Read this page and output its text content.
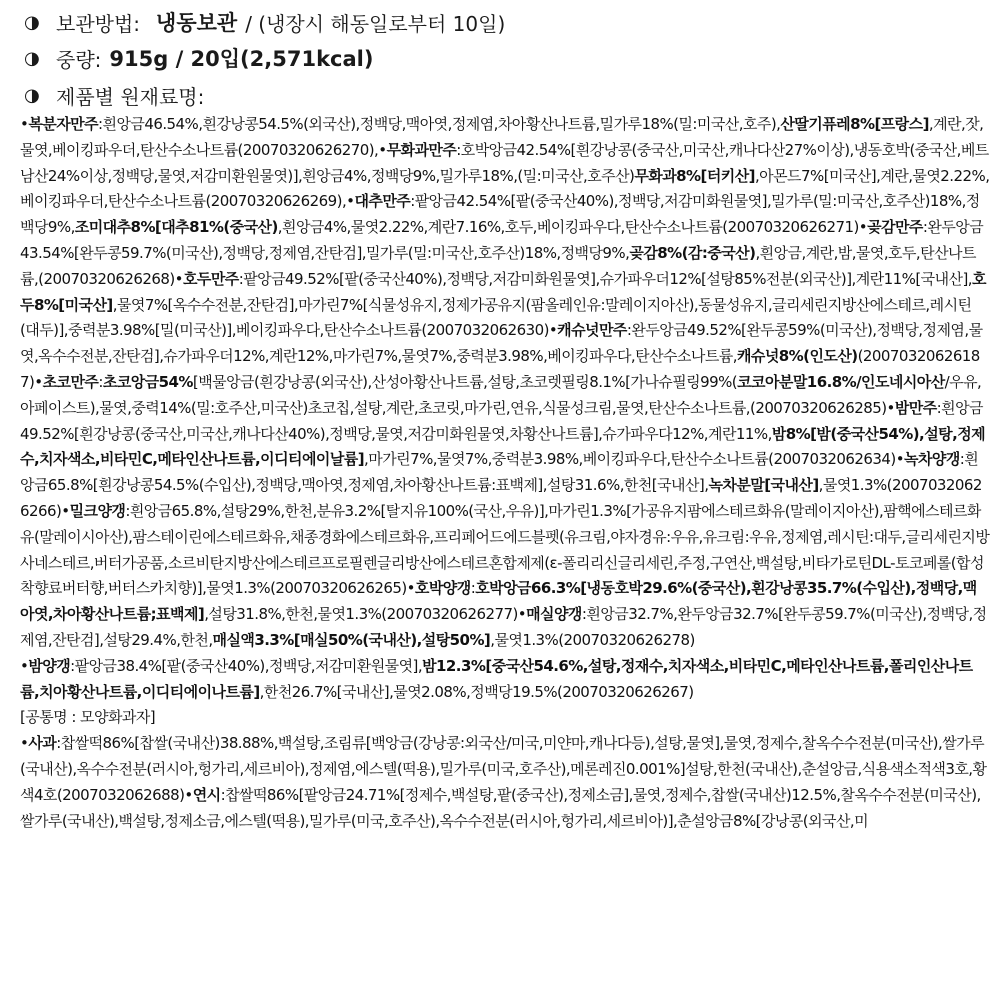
◑ 보관방법: 냉동보관 / (냉장시 해동일로부터 10일)
◑ 중량: 915g / 20입(2,571kcal)
◑ 제품별 원재료명:

•복분자만주:흰앙금46.54%,흰강낭콩54.5%(외국산),정백당,맥아엿,정제염,차아황산나트륨,밀가루18%(밀:미국산,호주),산딸기퓨레8%[프랑스],계란,잣,물엿,베이킹파우더,탄산수소나트륨(20070320626270),•무화과만주:호박앙금42.54%[흰강낭콩(중국산,미국산,캐나다산27%이상),냉동호박(중국산,베트남산24%이상,정백당,물엿,저감미환원물엿)],흰앙금4%,정백당9%,밀가루18%,(밀:미국산,호주산)무화과8%[터키산],아몬드7%[미국산],계란,물엿2.22%,베이킹파우더,탄산수소나트륨(20070320626269),•대추만주:팥앙금42.54%[팥(중국산40%),정백당,저감미화원물엿],밀가루(밀:미국산,호주산)18%,정백당9%,조미대추8%[대추81%(중국산),흰앙금4%,물엿2.22%,계란7.16%,호두,베이킹파우다,탄산수소나트륨(20070320626271)•곶감만주:완두앙금43.54%[완두콩59.7%(미국산),정백당,정제염,잔탄검],밀가루(밀:미국산,호주산)18%,정백당9%,곶감8%(감:중국산),흰앙금,계란,밤,물엿,호두,탄산나트륨,(20070320626268)•호두만주:팥앙금49.52%[팥(중국산40%),정백당,저감미화원물엿],슈가파우더12%[설탕85%전분(외국산)],계란11%[국내산],호두8%[미국산],물엿7%[옥수수전분,잔탄검],마가린7%[식물성유지,정제가공유지(팜올레인유:말레이지아산),동물성유지,글리세린지방산에스테르,레시틴(대두)],중력분3.98%[밀(미국산)],베이킹파우다,탄산수소나트륨(2007032062630)•캐슈넛만주:완두앙금49.52%[완두콩59%(미국산),정백당,정제염,물엿,옥수수전분,잔탄검],슈가파우더12%,계란12%,마가린7%,물엿7%,중력분3.98%,베이킹파우다,탄산수소나트륨,캐슈넛8%(인도산)(20070320626187)•초코만주:초코앙금54%[백물앙금(흰강낭콩(외국산),산성아황산나트륨,설탕,초코렛필링8.1%[가나슈필링99%(코코아분말16.8%/인도네시아산/우유,아페이스트),물엿,중력14%(밀:호주산,미국산)초코칩,설탕,계란,초코릿,마가린,연유,식물성크림,물엿,탄산수소나트륨,(20070320626285)•밤만주:흰앙금49.52%[흰강낭콩(중국산,미국산,캐나다산40%),정백당,물엿,저감미화원물엿,차황산나트륨],슈가파우다12%,계란11%,밤8%[밤(중국산54%),설탕,정제수,치자색소,비타민C,메타인산나트륨,이디티에이날륨],마가린7%,물엿7%,중력분3.98%,베이킹파우다,탄산수소나트륨(2007032062634)•녹차양갱:흰앙금65.8%[흰강낭콩54.5%(수입산),정백당,맥아엿,정제염,차아황산나트륨:표백제],설탕31.6%,한천[국내산],녹차분말[국내산],물엿1.3%(20070320626266)•밀크양갱:흰앙금65.8%,설탕29%,한천,분유3.2%[탈지유100%(국산,우유)],마가린1.3%[가공유지팜에스테르화유(말레이지아산),팜핵에스테르화유(말레이시아산),팜스테이린에스테르화유,채종경화에스테르화유,프리페어드에드블펫(유크림,야자경유:우유,유크림:우유,정제염,레시틴:대두,글리세린지방사네스테르,버터가공품,소르비탄지방산에스테르프로필렌글리방산에스테르혼합제제(ε-폴리리신글리세린,주정,구연산,백설탕,비타가로틴DL-토코페롤(합성착향료버터향,버터스카치향)],물엿1.3%(20070320626265)•호박양갱:호박앙금66.3%[냉동호박29.6%(중국산),흰강낭콩35.7%(수입산),정백당,맥아엿,차아황산나트륨;표백제],설탕31.8%,한천,물엿1.3%(20070320626277)•매실양갱:흰앙금32.7%,완두앙금32.7%[완두콩59.7%(미국산),정백당,정제염,잔탄검],설탕29.4%,한천,매실액3.3%[매실50%(국내산),설탕50%],물엿1.3%(20070320626278)
•밤양갱:팥앙금38.4%[팥(중국산40%),정백당,저감미환원물엿],밤12.3%[중국산54.6%,설탕,정재수,치자색소,비타민C,메타인산나트륨,폴리인산나트륨,치아황산나트륨,이디티에이나트륨],한천26.7%[국내산],물엿2.08%,정백당19.5%(20070320626267)

[공통명 : 모양화과자]

•사과:찹쌀떡86%[찹쌀(국내산)38.88%,백설탕,조림류[백앙금(강낭콩:외국산/미국,미얀마,캐나다등),설탕,물엿],물엿,정제수,찰옥수수전분(미국산),쌀가루(국내산),옥수수전분(러시아,헝가리,세르비아),정제염,에스텔(떡용),밀가루(미국,호주산),메론레진0.001%]설탕,한천(국내산),춘설앙금,식용색소적색3호,황색4호(2007032062688)•연시:찹쌀떡86%[팥앙금24.71%[정제수,백설탕,팥(중국산),정제소금],물엿,정제수,찹쌀(국내산)12.5%,찰옥수수전분(미국산),쌀가루(국내산),백설탕,정제소금,에스텔(떡용),밀가루(미국,호주산),옥수수전분(러시아,헝가리,세르비아)],춘설앙금8%[강낭콩(외국산,미
